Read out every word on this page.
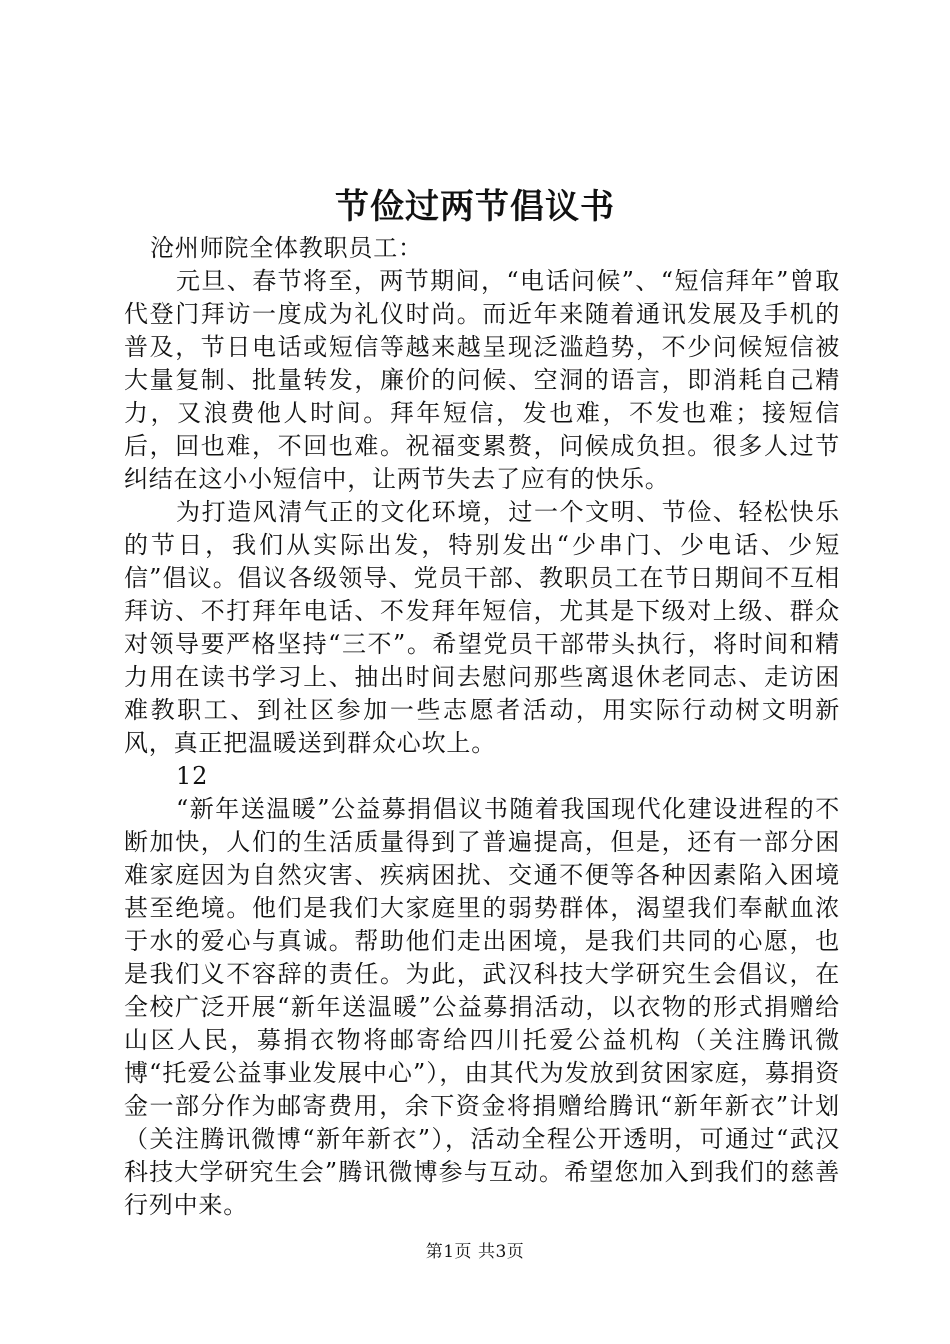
节俭过两节倡议书

沧州师院全体教职员工：

元旦、春节将至，两节期间，“电话问候”、“短信拜年”曾取代登门拜访一度成为礼仪时尚。而近年来随着通讯发展及手机的普及，节日电话或短信等越来越呈现泛滥趋势，不少问候短信被大量复制、批量转发，廉价的问候、空洞的语言，即消耗自己精力，又浪费他人时间。拜年短信，发也难，不发也难；接短信后，回也难，不回也难。祝福变累赘，问候成负担。很多人过节纠结在这小小短信中，让两节失去了应有的快乐。

为打造风清气正的文化环境，过一个文明、节俭、轻松快乐的节日，我们从实际出发，特别发出“少串门、少电话、少短信”倡议。倡议各级领导、党员干部、教职员工在节日期间不互相拜访、不打拜年电话、不发拜年短信，尤其是下级对上级、群众对领导要严格坚持“三不”。希望党员干部带头执行，将时间和精力用在读书学习上、抽出时间去慰问那些离退休老同志、走访困难教职工、到社区参加一些志愿者活动，用实际行动树文明新风，真正把温暖送到群众心坎上。

12

“新年送温暖”公益募捐倡议书随着我国现代化建设进程的不断加快，人们的生活质量得到了普遍提高，但是，还有一部分困难家庭因为自然灾害、疾病困扰、交通不便等各种因素陷入困境甚至绝境。他们是我们大家庭里的弱势群体，渴望我们奉献血浓于水的爱心与真诚。帮助他们走出困境，是我们共同的心愿，也是我们义不容辞的责任。为此，武汉科技大学研究生会倡议，在全校广泛开展“新年送温暖”公益募捐活动，以衣物的形式捐赠给山区人民，募捐衣物将邮寄给四川托爱公益机构（关注腾讯微博“托爱公益事业发展中心”），由其代为发放到贫困家庭，募捐资金一部分作为邮寄费用，余下资金将捐赠给腾讯“新年新衣”计划（关注腾讯微博“新年新衣”），活动全程公开透明，可通过“武汉科技大学研究生会”腾讯微博参与互动。希望您加入到我们的慈善行列中来。

第1页 共3页
